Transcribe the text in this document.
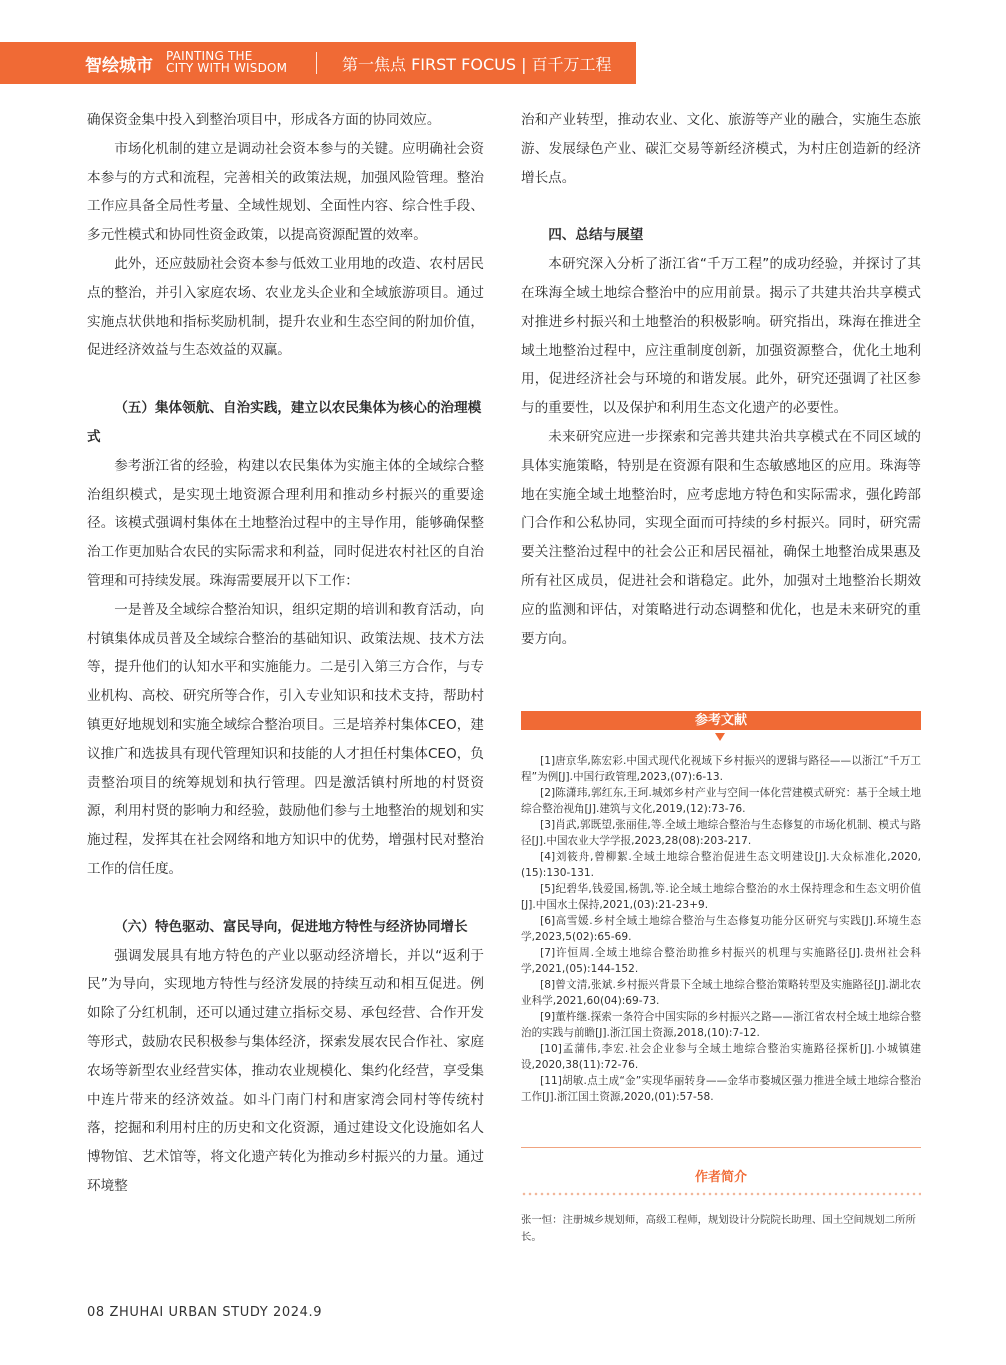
智绘城市 PAINTING THE
CITY WITH WISDOM	第一焦点 FIRST FOCUS | 百千万工程

确保资金集中投入到整治项目中，形成各方面的协同效应。

市场化机制的建立是调动社会资本参与的关键。应明确社会资本参与的方式和流程，完善相关的政策法规，加强风险管理。整治工作应具备全局性考量、全域性规划、全面性内容、综合性手段、多元性模式和协同性资金政策，以提高资源配置的效率。

此外，还应鼓励社会资本参与低效工业用地的改造、农村居民点的整治，并引入家庭农场、农业龙头企业和全域旅游项目。通过实施点状供地和指标奖励机制，提升农业和生态空间的附加价值，促进经济效益与生态效益的双赢。

（五）集体领航、自治实践，建立以农民集体为核心的治理模式

参考浙江省的经验，构建以农民集体为实施主体的全域综合整治组织模式，是实现土地资源合理利用和推动乡村振兴的重要途径。该模式强调村集体在土地整治过程中的主导作用，能够确保整治工作更加贴合农民的实际需求和利益，同时促进农村社区的自治管理和可持续发展。珠海需要展开以下工作：

一是普及全域综合整治知识，组织定期的培训和教育活动，向村镇集体成员普及全域综合整治的基础知识、政策法规、技术方法等，提升他们的认知水平和实施能力。二是引入第三方合作，与专业机构、高校、研究所等合作，引入专业知识和技术支持，帮助村镇更好地规划和实施全域综合整治项目。三是培养村集体CEO，建议推广和选拔具有现代管理知识和技能的人才担任村集体CEO，负责整治项目的统筹规划和执行管理。四是激活镇村所地的村贤资源，利用村贤的影响力和经验，鼓励他们参与土地整治的规划和实施过程，发挥其在社会网络和地方知识中的优势，增强村民对整治工作的信任度。

（六）特色驱动、富民导向，促进地方特性与经济协同增长

强调发展具有地方特色的产业以驱动经济增长，并以“返利于民”为导向，实现地方特性与经济发展的持续互动和相互促进。例如除了分红机制，还可以通过建立指标交易、承包经营、合作开发等形式，鼓励农民积极参与集体经济，探索发展农民合作社、家庭农场等新型农业经营实体，推动农业规模化、集约化经营，享受集中连片带来的经济效益。如斗门南门村和唐家湾会同村等传统村落，挖掘和利用村庄的历史和文化资源，通过建设文化设施如名人博物馆、艺术馆等，将文化遗产转化为推动乡村振兴的力量。通过环境整

治和产业转型，推动农业、文化、旅游等产业的融合，实施生态旅游、发展绿色产业、碳汇交易等新经济模式，为村庄创造新的经济增长点。

四、总结与展望

本研究深入分析了浙江省“千万工程”的成功经验，并探讨了其在珠海全域土地综合整治中的应用前景。揭示了共建共治共享模式对推进乡村振兴和土地整治的积极影响。研究指出，珠海在推进全域土地整治过程中，应注重制度创新，加强资源整合，优化土地利用，促进经济社会与环境的和谐发展。此外，研究还强调了社区参与的重要性，以及保护和利用生态文化遗产的必要性。

未来研究应进一步探索和完善共建共治共享模式在不同区域的具体实施策略，特别是在资源有限和生态敏感地区的应用。珠海等地在实施全域土地整治时，应考虑地方特色和实际需求，强化跨部门合作和公私协同，实现全面而可持续的乡村振兴。同时，研究需要关注整治过程中的社会公正和居民福祉，确保土地整治成果惠及所有社区成员，促进社会和谐稳定。此外，加强对土地整治长期效应的监测和评估，对策略进行动态调整和优化，也是未来研究的重要方向。

参考文献

[1]唐京华,陈宏彩.中国式现代化视域下乡村振兴的逻辑与路径——以浙江“千万工程”为例[J].中国行政管理,2023,(07):6-13.

[2]陈潇玮,郭红东,王珂.城郊乡村产业与空间一体化营建模式研究：基于全域土地综合整治视角[J].建筑与文化,2019,(12):73-76.

[3]肖武,郭既望,张丽佳,等.全域土地综合整治与生态修复的市场化机制、模式与路径[J].中国农业大学学报,2023,28(08):203-217.

[4]刘筱舟,曾柳絮.全域土地综合整治促进生态文明建设[J].大众标准化,2020,(15):130-131.

[5]纪碧华,钱爱国,杨凯,等.论全域土地综合整治的水土保持理念和生态文明价值[J].中国水土保持,2021,(03):21-23+9.

[6]高雪媛.乡村全域土地综合整治与生态修复功能分区研究与实践[J].环境生态学,2023,5(02):65-69.

[7]许恒周.全域土地综合整治助推乡村振兴的机理与实施路径[J].贵州社会科学,2021,(05):144-152.

[8]曾文清,张斌.乡村振兴背景下全域土地综合整治策略转型及实施路径[J].湖北农业科学,2021,60(04):69-73.

[9]董杵继.探索一条符合中国实际的乡村振兴之路——浙江省农村全域土地综合整治的实践与前瞻[J].浙江国土资源,2018,(10):7-12.

[10]孟蒲伟,李宏.社会企业参与全域土地综合整治实施路径探析[J].小城镇建设,2020,38(11):72-76.

[11]胡敏.点土成“金”实现华丽转身——金华市婺城区强力推进全域土地综合整治工作[J].浙江国土资源,2020,(01):57-58.

作者简介
张一恒：注册城乡规划师，高级工程师，规划设计分院院长助理、国土空间规划二所所长。
08 ZHUHAI URBAN STUDY 2024.9
